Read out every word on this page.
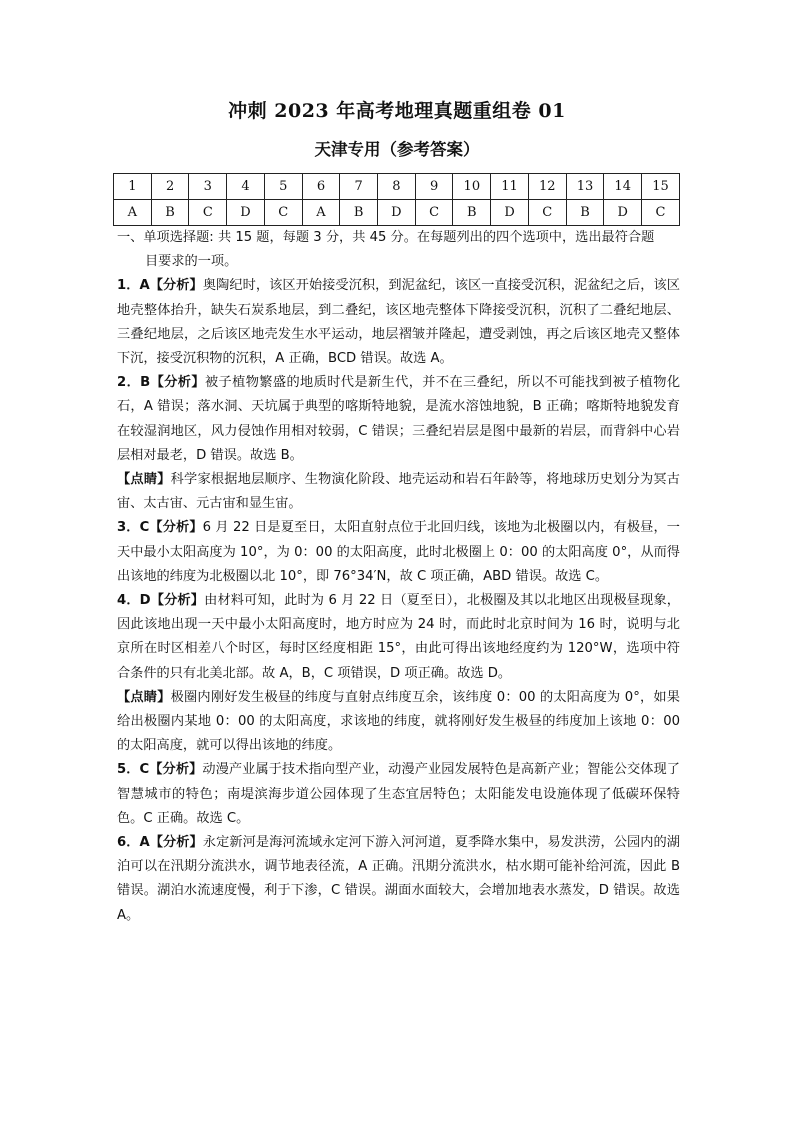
冲刺 2023 年高考地理真题重组卷 01
天津专用（参考答案）
1	2	3	4	5	6	7	8	9	10	11	12	13	14	15
A	B	C	D	C	A	B	D	C	B	D	C	B	D	C

一、单项选择题: 共 15 题，每题 3 分，共 45 分。在每题列出的四个选项中，选出最符合题

目要求的一项。

1．A【分析】奥陶纪时，该区开始接受沉积，到泥盆纪，该区一直接受沉积，泥盆纪之后，该区地壳整体抬升，缺失石炭系地层，到二叠纪，该区地壳整体下降接受沉积，沉积了二叠纪地层、三叠纪地层，之后该区地壳发生水平运动，地层褶皱并隆起，遭受剥蚀，再之后该区地壳又整体下沉，接受沉积物的沉积，A 正确，BCD 错误。故选 A。

2．B【分析】被子植物繁盛的地质时代是新生代，并不在三叠纪，所以不可能找到被子植物化石，A 错误；落水洞、天坑属于典型的喀斯特地貌，是流水溶蚀地貌，B 正确；喀斯特地貌发育在较湿润地区，风力侵蚀作用相对较弱，C 错误；三叠纪岩层是图中最新的岩层，而背斜中心岩层相对最老，D 错误。故选 B。

【点睛】科学家根据地层顺序、生物演化阶段、地壳运动和岩石年龄等，将地球历史划分为冥古宙、太古宙、元古宙和显生宙。

3．C【分析】6 月 22 日是夏至日，太阳直射点位于北回归线，该地为北极圈以内，有极昼，一天中最小太阳高度为 10°，为 0：00 的太阳高度，此时北极圈上 0：00 的太阳高度 0°，从而得出该地的纬度为北极圈以北 10°，即 76°34′N，故 C 项正确，ABD 错误。故选 C。

4．D【分析】由材料可知，此时为 6 月 22 日（夏至日），北极圈及其以北地区出现极昼现象，因此该地出现一天中最小太阳高度时，地方时应为 24 时，而此时北京时间为 16 时，说明与北京所在时区相差八个时区，每时区经度相距 15°，由此可得出该地经度约为 120°W，选项中符合条件的只有北美北部。故 A，B，C 项错误，D 项正确。故选 D。

【点睛】极圈内刚好发生极昼的纬度与直射点纬度互余，该纬度 0：00 的太阳高度为 0°，如果给出极圈内某地 0：00 的太阳高度，求该地的纬度，就将刚好发生极昼的纬度加上该地 0：00 的太阳高度，就可以得出该地的纬度。

5．C【分析】动漫产业属于技术指向型产业，动漫产业园发展特色是高新产业；智能公交体现了智慧城市的特色；南堤滨海步道公园体现了生态宜居特色；太阳能发电设施体现了低碳环保特色。C 正确。故选 C。

6．A【分析】永定新河是海河流域永定河下游入河河道，夏季降水集中，易发洪涝，公园内的湖泊可以在汛期分流洪水，调节地表径流，A 正确。汛期分流洪水，枯水期可能补给河流，因此 B 错误。湖泊水流速度慢，利于下渗，C 错误。湖面水面较大，会增加地表水蒸发，D 错误。故选 A。
